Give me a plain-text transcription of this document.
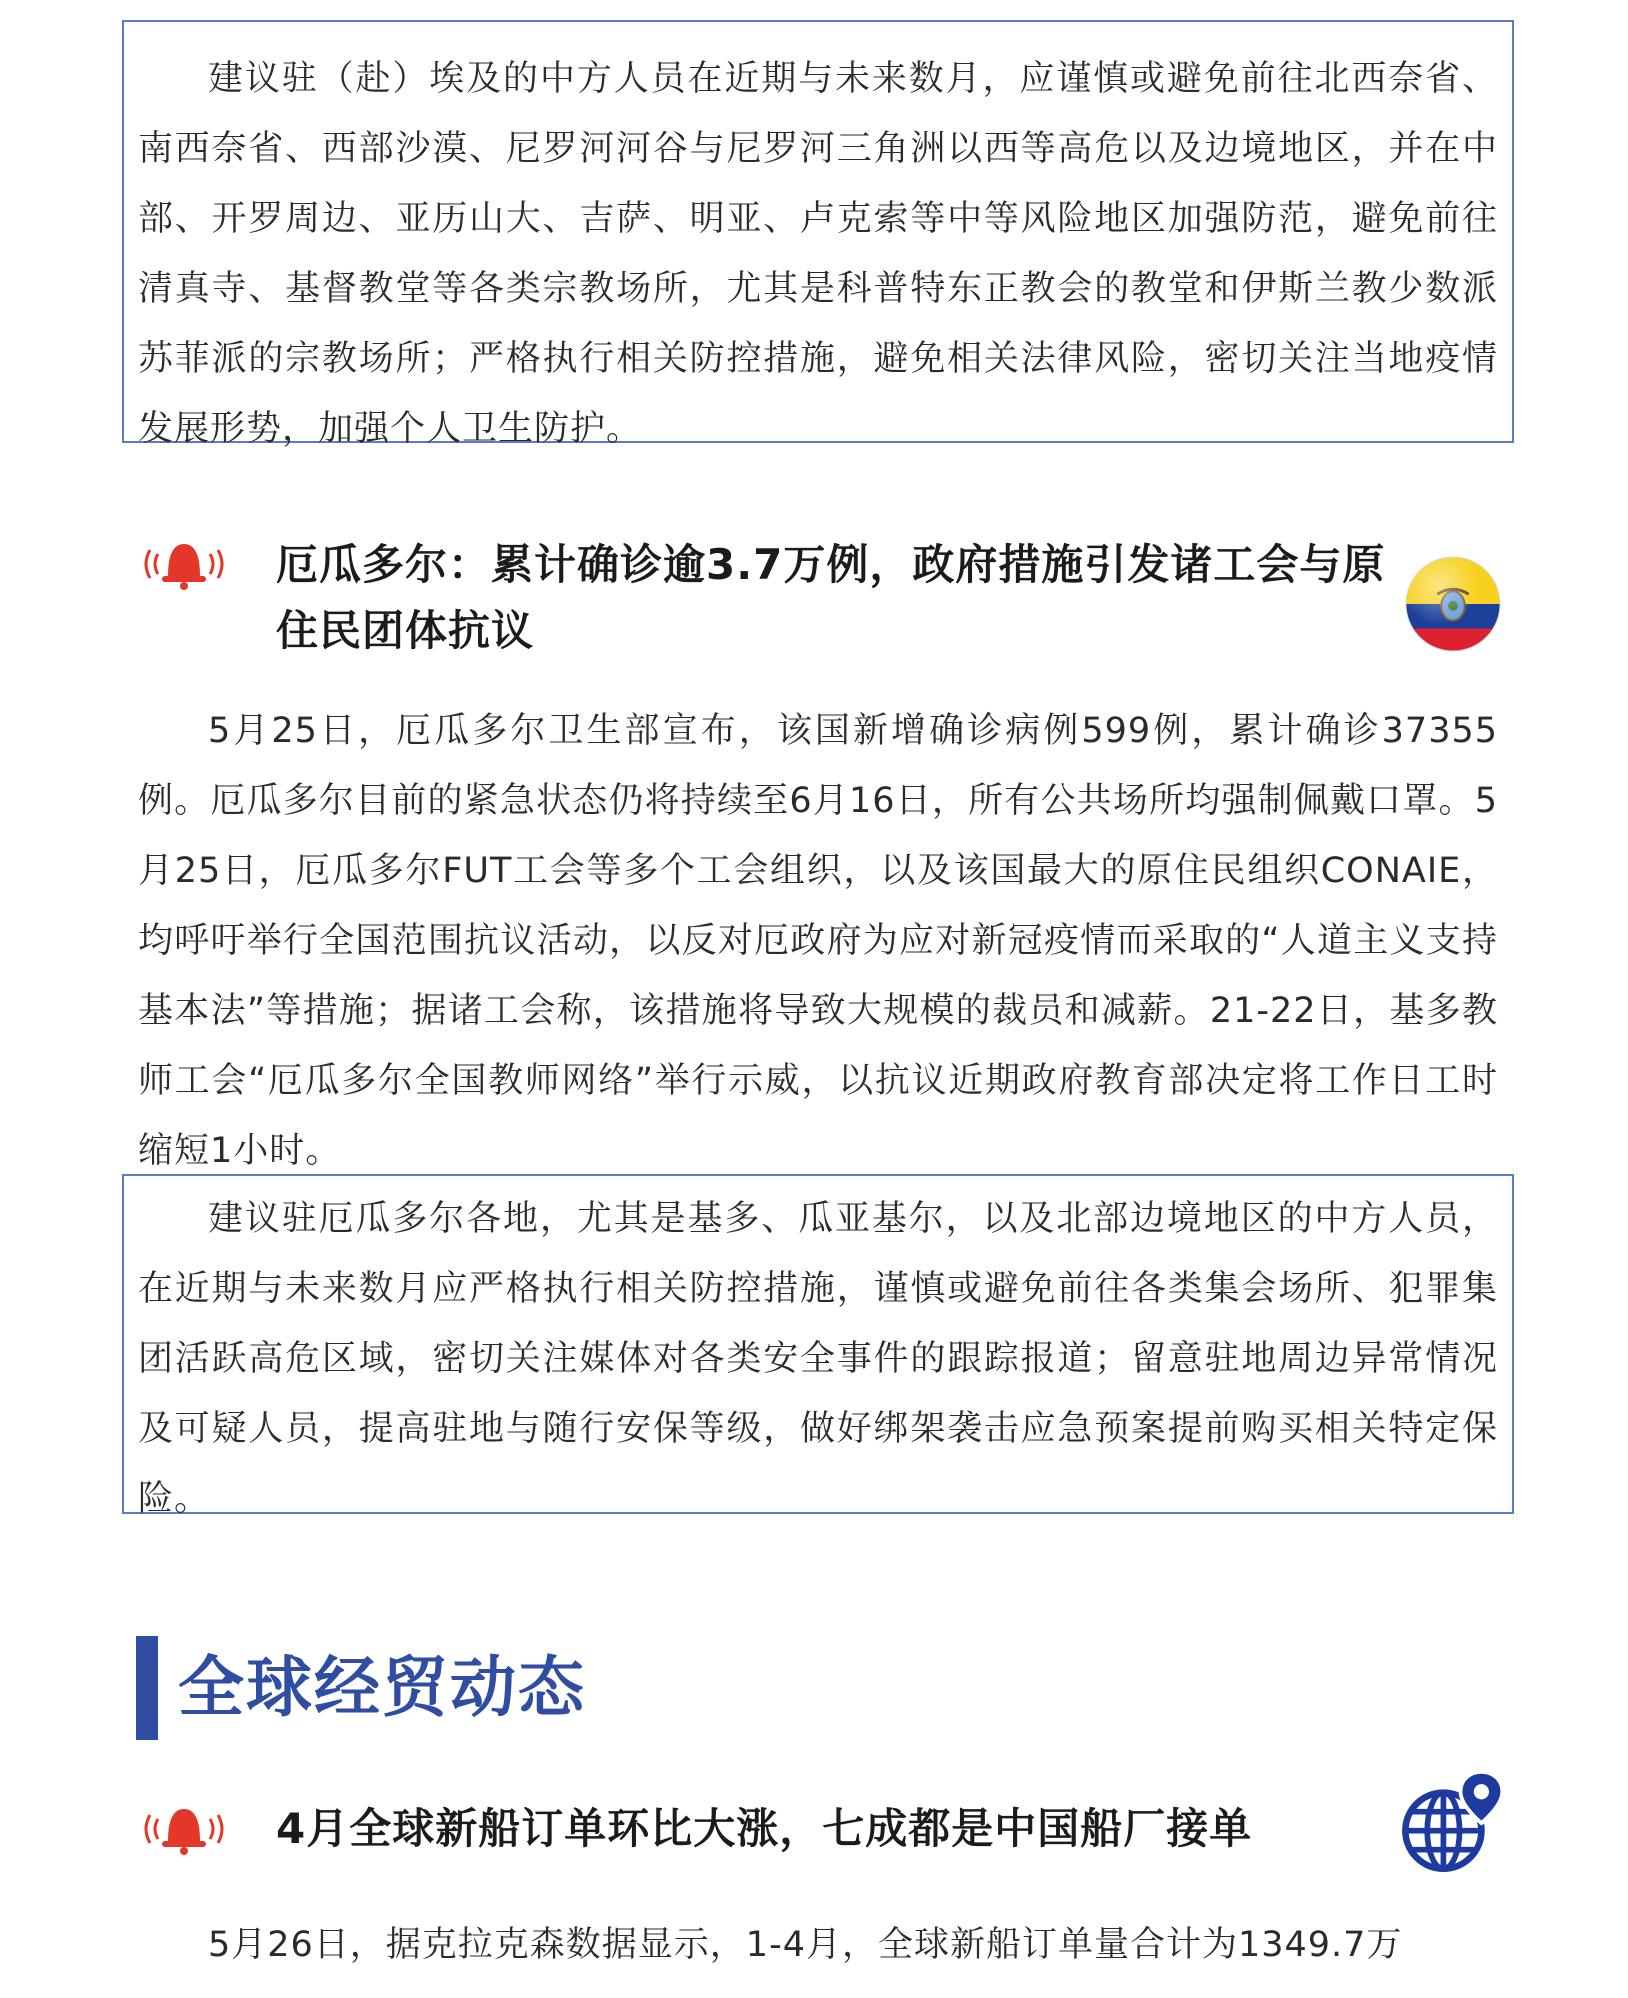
建议驻（赴）埃及的中方人员在近期与未来数月，应谨慎或避免前往北西奈省、南西奈省、西部沙漠、尼罗河河谷与尼罗河三角洲以西等高危以及边境地区，并在中部、开罗周边、亚历山大、吉萨、明亚、卢克索等中等风险地区加强防范，避免前往清真寺、基督教堂等各类宗教场所，尤其是科普特东正教会的教堂和伊斯兰教少数派苏菲派的宗教场所；严格执行相关防控措施，避免相关法律风险，密切关注当地疫情发展形势，加强个人卫生防护。

厄瓜多尔：累计确诊逾3.7万例，政府措施引发诸工会与原住民团体抗议

5月25日，厄瓜多尔卫生部宣布，该国新增确诊病例599例，累计确诊37355例。厄瓜多尔目前的紧急状态仍将持续至6月16日，所有公共场所均强制佩戴口罩。5月25日，厄瓜多尔FUT工会等多个工会组织，以及该国最大的原住民组织CONAIE，均呼吁举行全国范围抗议活动，以反对厄政府为应对新冠疫情而采取的“人道主义支持基本法”等措施；据诸工会称，该措施将导致大规模的裁员和减薪。21-22日，基多教师工会“厄瓜多尔全国教师网络”举行示威，以抗议近期政府教育部决定将工作日工时缩短1小时。

建议驻厄瓜多尔各地，尤其是基多、瓜亚基尔，以及北部边境地区的中方人员，在近期与未来数月应严格执行相关防控措施，谨慎或避免前往各类集会场所、犯罪集团活跃高危区域，密切关注媒体对各类安全事件的跟踪报道；留意驻地周边异常情况及可疑人员，提高驻地与随行安保等级，做好绑架袭击应急预案提前购买相关特定保险。

全球经贸动态
4月全球新船订单环比大涨，七成都是中国船厂接单

5月26日，据克拉克森数据显示，1-4月，全球新船订单量合计为1349.7万
